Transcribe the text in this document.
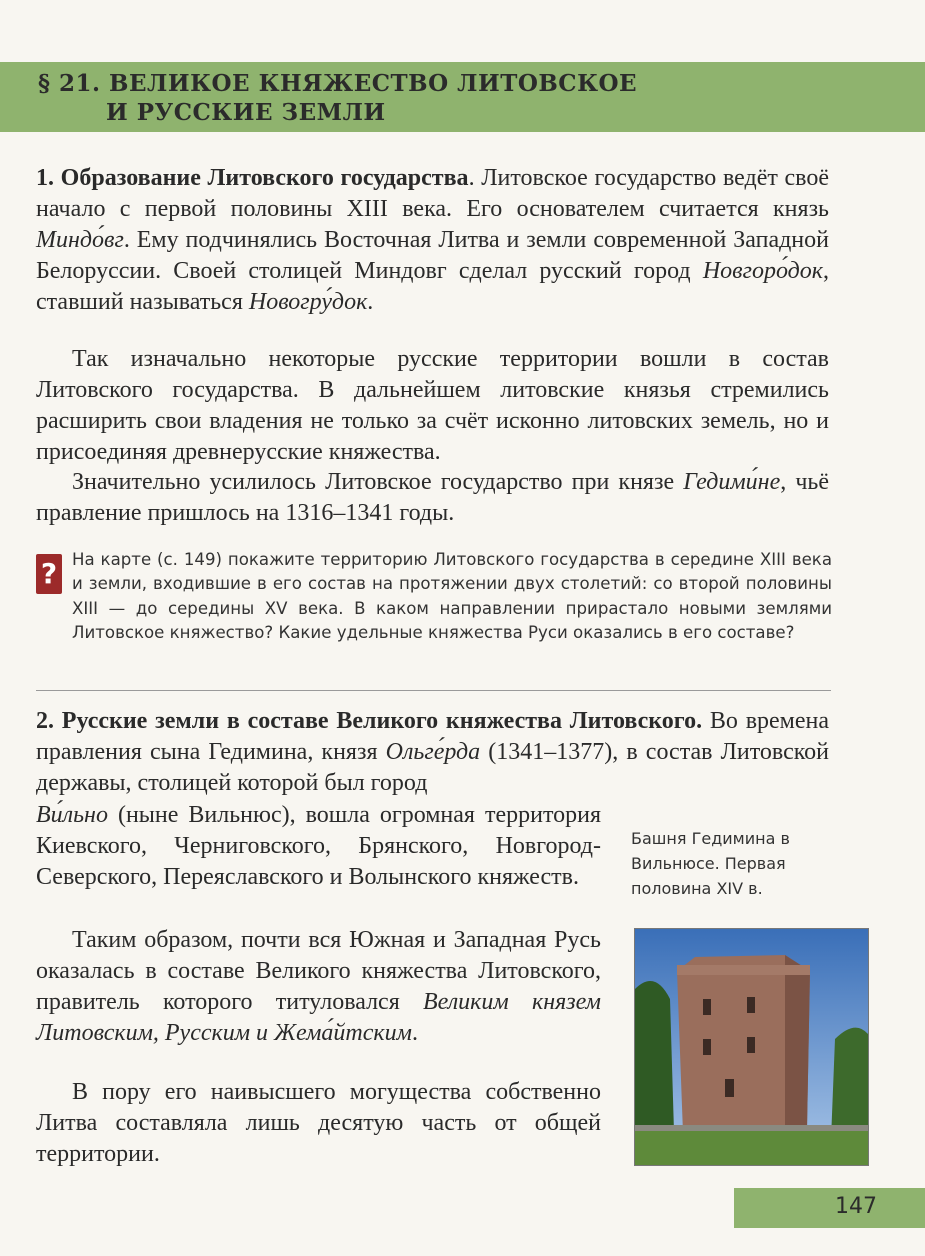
§ 21. ВЕЛИКОЕ КНЯЖЕСТВО ЛИТОВСКОЕ
И РУССКИЕ ЗЕМЛИ

1. Образование Литовского государства. Литовское государство ведёт своё начало с первой половины XIII века. Его основателем считается князь Миндо́вг. Ему подчинялись Восточная Литва и земли современной Западной Белоруссии. Своей столицей Миндовг сделал русский город Новгоро́док, ставший называться Новогру́док.

Так изначально некоторые русские территории вошли в состав Литовского государства. В дальнейшем литовские князья стремились расширить свои владения не только за счёт исконно литовских земель, но и присоединяя древнерусские княжества.

Значительно усилилось Литовское государство при князе Гедими́не, чьё правление пришлось на 1316–1341 годы.

? На карте (с. 149) покажите территорию Литовского государства в середине XIII века и земли, входившие в его состав на протяжении двух столетий: со второй половины XIII — до середины XV века. В каком направлении прирастало новыми землями Литовское княжество? Какие удельные княжества Руси оказались в его составе?

2. Русские земли в составе Великого княжества Литовского. Во времена правления сына Гедимина, князя Ольге́рда (1341–1377), в состав Литовской державы, столицей которой был город

Ви́льно (ныне Вильнюс), вошла огромная территория Киевского, Черниговского, Брянского, Новгород-Северского, Переяславского и Волынского княжеств.

Таким образом, почти вся Южная и Западная Русь оказалась в составе Великого княжества Литовского, правитель которого титуловался Великим князем Литовским, Русским и Жема́йтским.

В пору его наивысшего могущества собственно Литва составляла лишь десятую часть от общей территории.

Башня Гедимина в Вильнюсе. Первая половина XIV в.

147
